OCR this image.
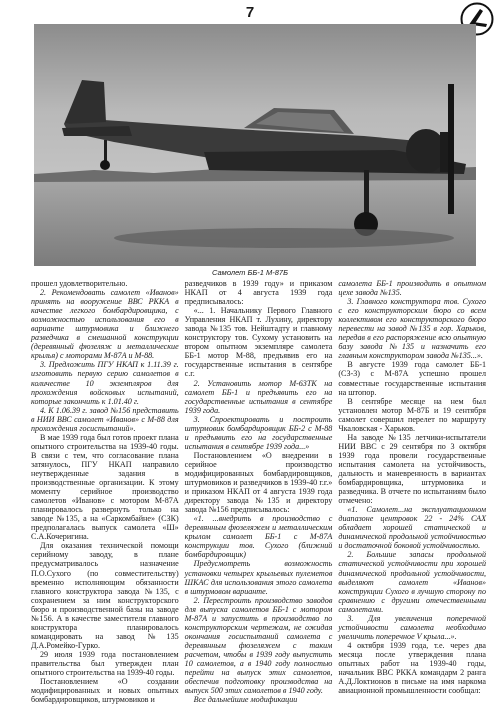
7
Самолет ББ-1 М-87Б

прошел удовлетворительно.

2. Рекомендовать самолет «Иванов» принять на вооружение ВВС РККА в качестве легкого бомбардировщика, с возможностью использования его в варианте штурмовика и ближнего разведчика в смешанной конструкции (деревянный фюзеляж и металлические крылья) с моторами М-87А и М-88.

3. Предложить ПГУ НКАП к 1.11.39 г. изготовить первую серию самолетов в количестве 10 экземпляров для прохождения войсковых испытаний, которые закончить к 1.01.40 г.

4. К 1.06.39 г. завод №156 представить в НИИ ВВС самолет «Иванов» с М-88 для прохождения госиспытаний».

В мае 1939 года был готов проект плана опытного строительства на 1939-40 годы. В связи с тем, что согласование плана затянулось, ПГУ НКАП направило неутвержденные задания в производственные организации. К этому моменту серийное производство самолетов «Иванов» с мотором М-87А планировалось развернуть только на заводе №135, а на «Саркомбайне» (СЗК) предполагалась выпуск самолета «Ш» С.А.Кочеригина.

Для оказания технической помощи серийному заводу, в плане предусматривалось назначение П.О.Сухого (по совместительству) временно исполняющим обязанности главного конструктора завода №135, с сохранением за ним конструкторского бюро и производственной базы на заводе №156. А в качестве заместителя главного конструктора планировалось командировать на завод №135 Д.А.Ромейко-Гурко.

29 июля 1939 года постановлением правительства был утвержден план опытного строительства на 1939-40 годы.

Постановлением «О создании модифицированных и новых опытных бомбардировщиков, штурмовиков и

разведчиков в 1939 году» и приказом НКАП от 4 августа 1939 года предписывалось:

«... 1. Начальнику Первого Главного Управления НКАП т. Лухину, директору завода №135 тов. Нейштадту и главному конструктору тов. Сухому установить на втором опытном экземпляре самолета ББ-1 мотор М-88, предъявив его на государственные испытания в сентябре с.г.

2. Установить мотор М-63ТК на самолет ББ-1 и предъявить его на государственные испытания в сентябре 1939 года.

3. Спроектировать и построить штурмовик бомбардировщик ББ-2 с М-88 и предъявить его на государственные испытания в сентябре 1939 года...»

Постановлением «О внедрении в серийное производство модифицированных бомбардировщиков, штурмовиков и разведчиков в 1939-40 г.г.» и приказом НКАП от 4 августа 1939 года директору завода №135 и директору завода №156 предписывалось:

«1. ...внедрить в производство с деревянным фюзеляжем и металлическим крылом самолет ББ-1 с М-87А конструкции тов. Сухого (ближний бомбардировщик)

Предусмотреть возможность установки четырех крыльевых пулеметов ШКАС для использования этого самолета в штурмовом варианте.

2. Перестроить производство заводов для выпуска самолетов ББ-1 с мотором М-87А и запустить в производство по конструкторским чертежам, не ожидая окончания госиспытаний самолета с деревянным фюзеляжем с таким расчетом, чтобы в 1939 году выпустить 10 самолетов, а в 1940 году полностью перейти на выпуск этих самолетов, обеспечив подготовку производства на выпуск 500 этих самолетов в 1940 году.

Все дальнейшие модификации

самолета ББ-1 производить в опытном цехе завода №135.

3. Главного конструктора тов. Сухого с его конструкторским бюро со всем коллективом его конструкторского бюро перевести на завод №135 в гор. Харьков, передав в его распоряжение всю опытную базу завода №135 и назначить его главным конструктором завода №135...».

В августе 1939 года самолет ББ-1 (СЗ-3) с М-87А успешно прошел совместные государственные испытания на штопор.

В сентябре месяце на нем был установлен мотор М-87Б и 19 сентября самолет совершил перелет по маршруту Чкаловская - Харьков.

На заводе №135 летчики-испытатели НИИ ВВС с 29 сентября по 3 октября 1939 года провели государственные испытания самолета на устойчивость, дальность и маневренность в вариантах бомбардировщика, штурмовика и разведчика. В отчете по испытаниям было отмечено:

«1. Самолет...на эксплуатационном диапазоне центровок 22 - 24% САХ обладает хорошей статической и динамической продольной устойчивостью и достаточной боковой устойчивостью.

2. Большие запасы продольной статической устойчивости при хорошей динамической продольной устойчивости, выделяют самолет «Иванов» конструкции Сухого в лучшую сторону по сравнению с другими отечественными самолетами.

3. Для увеличения поперечной устойчивости самолета необходимо увеличить поперечное V крыла...».

4 октября 1939 года, т.е. через два месяца после утверждения плана опытных работ на 1939-40 годы, начальник ВВС РККА командарм 2 ранга А.Д.Локтионов в письме на имя наркома авиационной промышленности сообщал:
